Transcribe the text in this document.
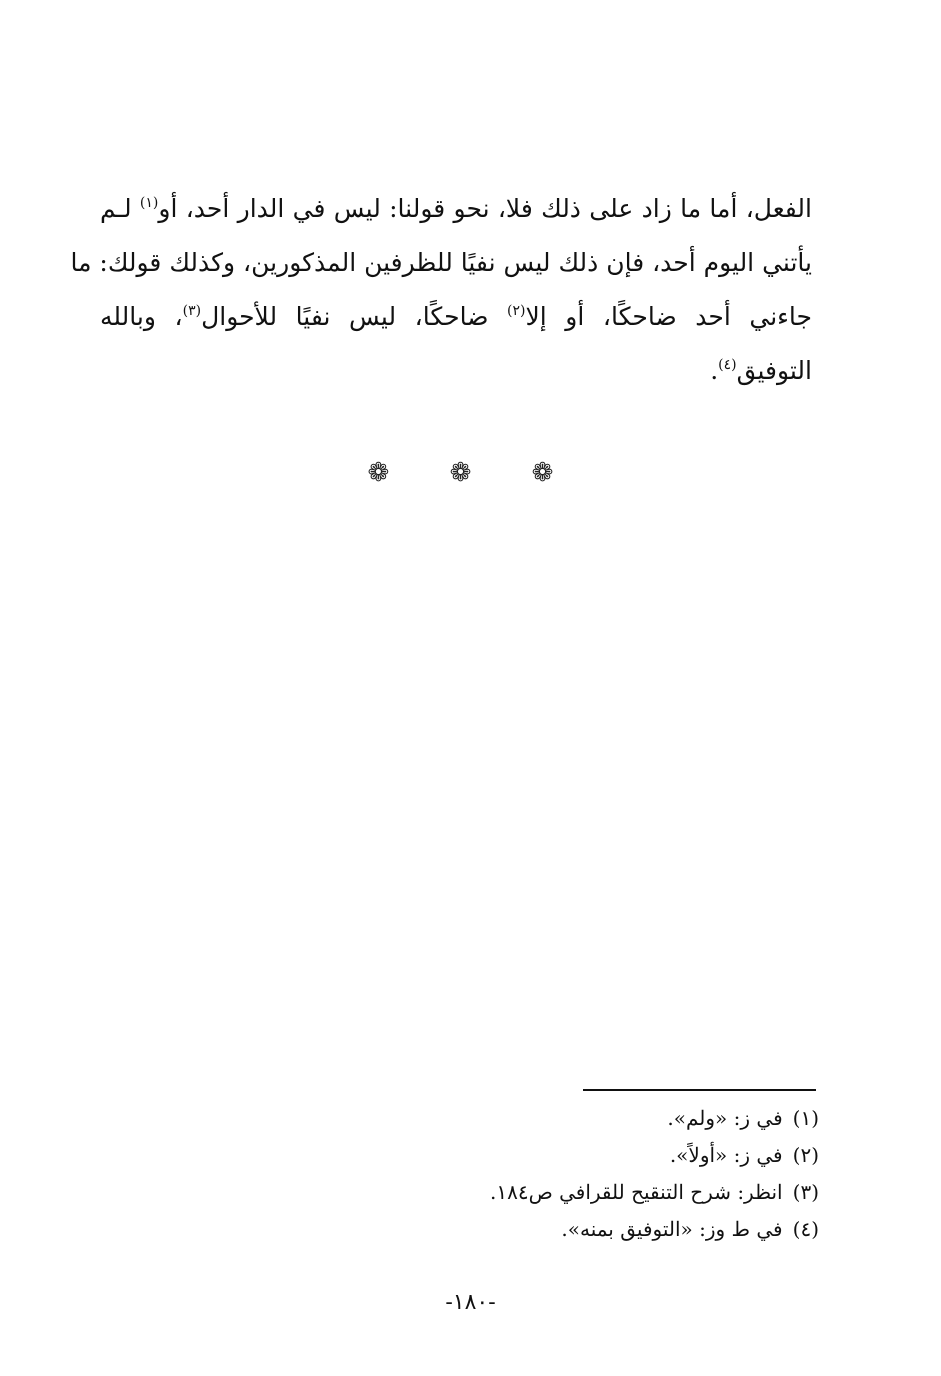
الفعل، أما ما زاد على ذلك فلا، نحو قولنا: ليس في الدار أحد، أو$^{(١)}$ لـم
يأتني اليوم أحد، فإن ذلك ليس نفيًا للظرفين المذكورين، وكذلك قولك: ما
جاءني أحد ضاحكًا، أو إلا$^{(٢)}$ ضاحكًا، ليس نفيًا للأحوال$^{(٣)}$، وبالله
التوفيق$^{(٤)}$.
❁ ❁ ❁
(١)في ز: «ولم».
(٢)في ز: «أولاً».
(٣)انظر: شرح التنقيح للقرافي ص١٨٤.
(٤)في ط وز: «التوفيق بمنه».
-١٨٠-
